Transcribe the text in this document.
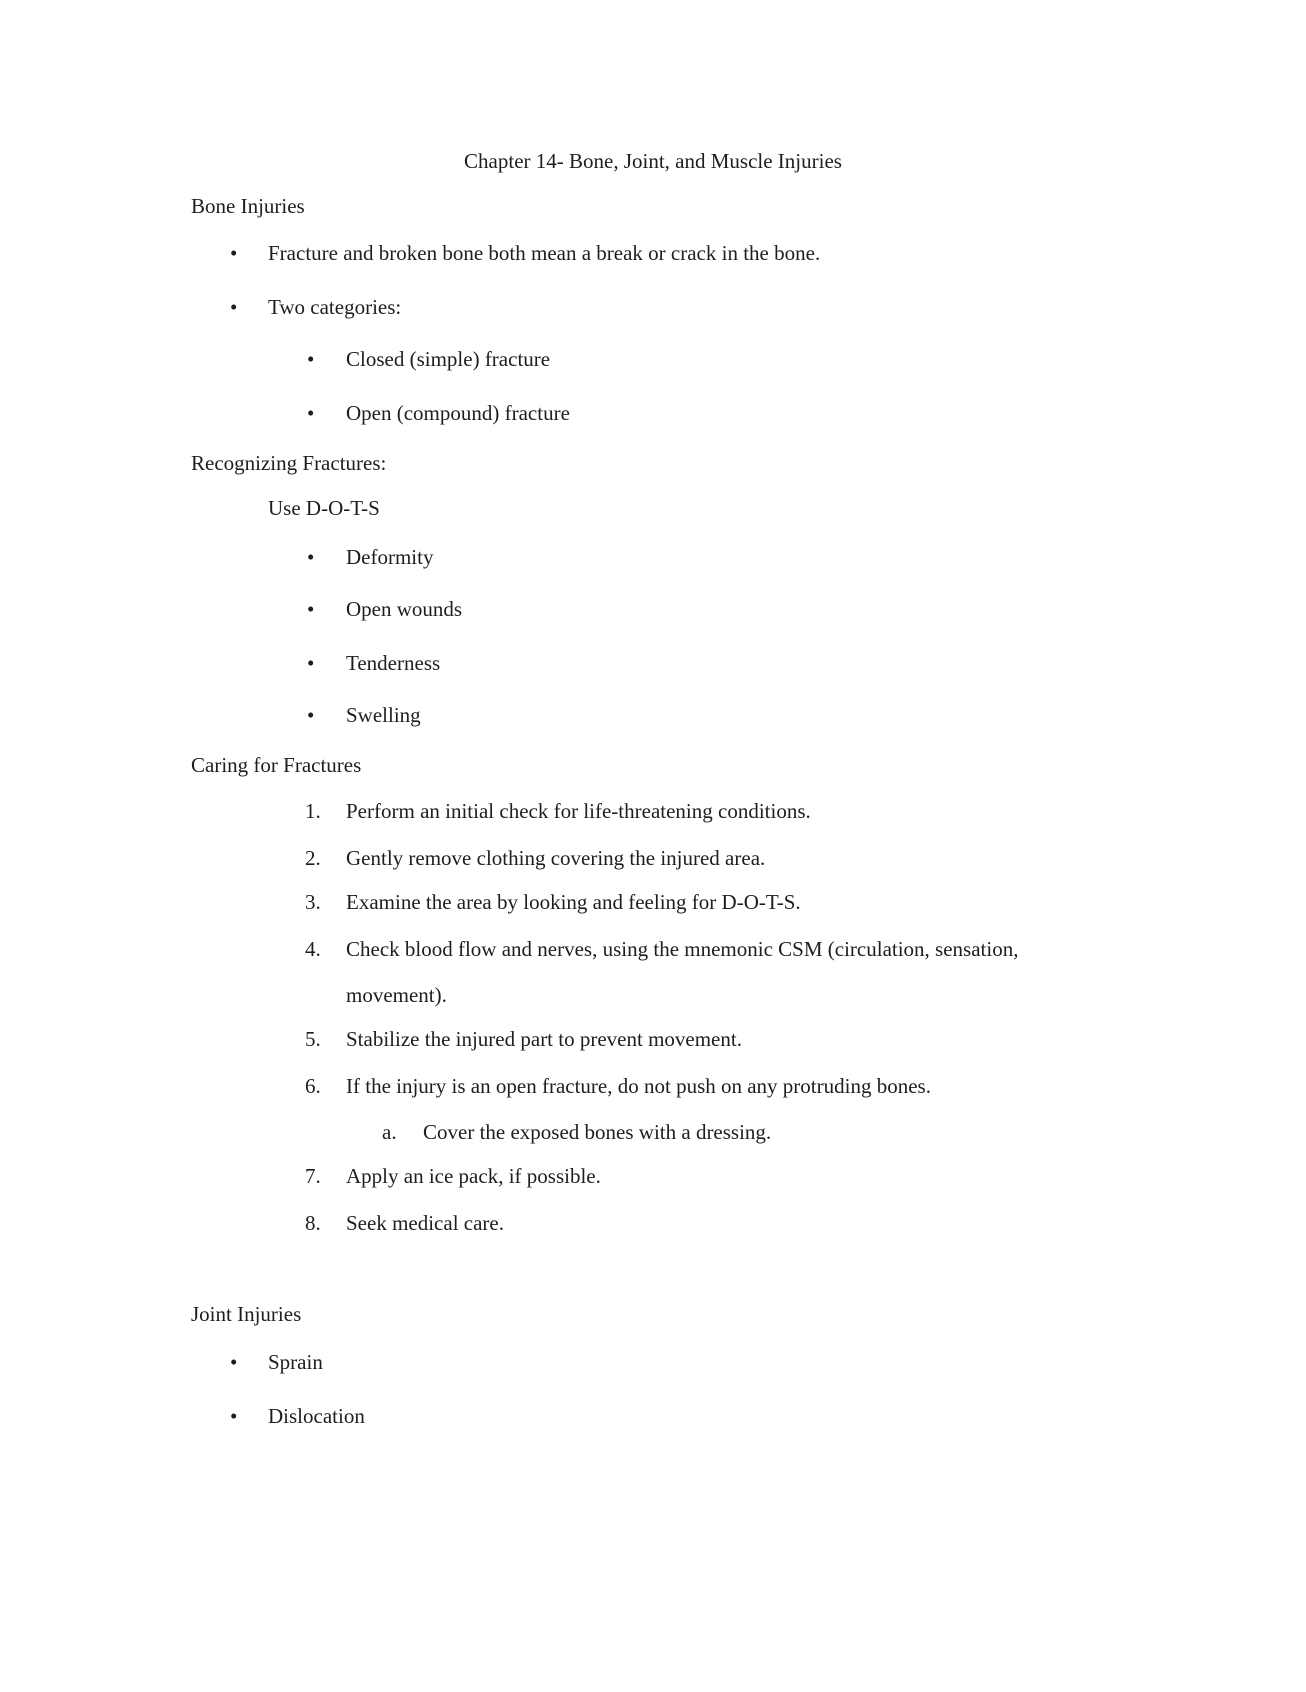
Chapter 14- Bone, Joint, and Muscle Injuries
Bone Injuries
• Fracture and broken bone both mean a break or crack in the bone.
• Two categories:
• Closed (simple) fracture
• Open (compound) fracture
Recognizing Fractures:
Use D-O-T-S
• Deformity
• Open wounds
• Tenderness
• Swelling
Caring for Fractures
1. Perform an initial check for life-threatening conditions.
2. Gently remove clothing covering the injured area.
3. Examine the area by looking and feeling for D-O-T-S.
4. Check blood flow and nerves, using the mnemonic CSM (circulation, sensation,
movement).
5. Stabilize the injured part to prevent movement.
6. If the injury is an open fracture, do not push on any protruding bones.
a. Cover the exposed bones with a dressing.
7. Apply an ice pack, if possible.
8. Seek medical care.
Joint Injuries
• Sprain
• Dislocation
